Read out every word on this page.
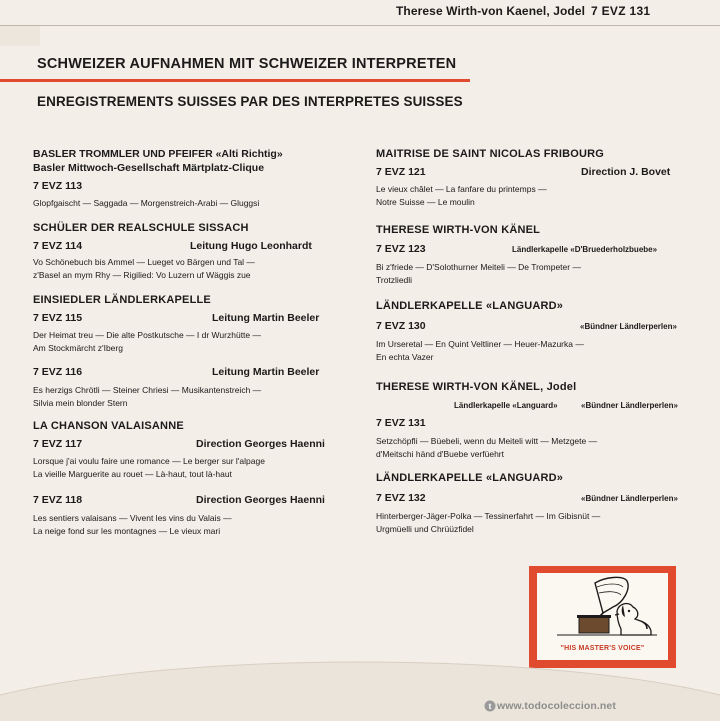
Therese Wirth-von Kaenel, Jodel 7 EVZ 131
SCHWEIZER AUFNAHMEN MIT SCHWEIZER INTERPRETEN
ENREGISTREMENTS SUISSES PAR DES INTERPRETES SUISSES
BASLER TROMMLER UND PFEIFER «Alti Richtig»
Basler Mittwoch-Gesellschaft Märtplatz-Clique
7 EVZ 113
Glopfgaischt — Saggada — Morgenstreich-Arabi — Gluggsi
SCHÜLER DER REALSCHULE SISSACH
7 EVZ 114	Leitung Hugo Leonhardt
Vo Schönebuch bis Ammel — Lueget vo Bärgen und Tal —
z'Basel an mym Rhy — Rigilied: Vo Luzern uf Wäggis zue
EINSIEDLER LÄNDLERKAPELLE
7 EVZ 115	Leitung Martin Beeler
Der Heimat treu — Die alte Postkutsche — I dr Wurzhütte —
Am Stockmärcht z'Iberg
7 EVZ 116	Leitung Martin Beeler
Es herzigs Chrötli — Steiner Chriesi — Musikantenstreich —
Silvia mein blonder Stern
LA CHANSON VALAISANNE
7 EVZ 117	Direction Georges Haenni
Lorsque j'ai voulu faire une romance — Le berger sur l'alpage
La vieille Marguerite au rouet — Là-haut, tout là-haut
7 EVZ 118	Direction Georges Haenni
Les sentiers valaisans — Vivent les vins du Valais —
La neige fond sur les montagnes — Le vieux mari
MAITRISE DE SAINT NICOLAS FRIBOURG
7 EVZ 121	Direction J. Bovet
Le vieux châlet — La fanfare du printemps —
Notre Suisse — Le moulin
THERESE WIRTH-VON KÄNEL
7 EVZ 123	Ländlerkapelle «D'Bruederholzbuebe»
Bi z'friede — D'Solothurner Meiteli — De Trompeter —
Trotzliedli
LÄNDLERKAPELLE «LANGUARD»
7 EVZ 130	«Bündner Ländlerperlen»
Im Urseretal — En Quint Veltliner — Heuer-Mazurka —
En echta Vazer
THERESE WIRTH-VON KÄNEL, Jodel
Ländlerkapelle «Languard»	«Bündner Ländlerperlen»
7 EVZ 131
Setzchöpfli — Büebeli, wenn du Meiteli witt — Metzgete —
d'Meitschi händ d'Buebe verfüehrt
LÄNDLERKAPELLE «LANGUARD»
7 EVZ 132	«Bündner Ländlerperlen»
Hinterberger-Jäger-Polka — Tessinerfahrt — Im Gibisnüt —
Urgmüelli und Chrüüzfidel
"HIS MASTER'S VOICE"
t www.todocoleccion.net
